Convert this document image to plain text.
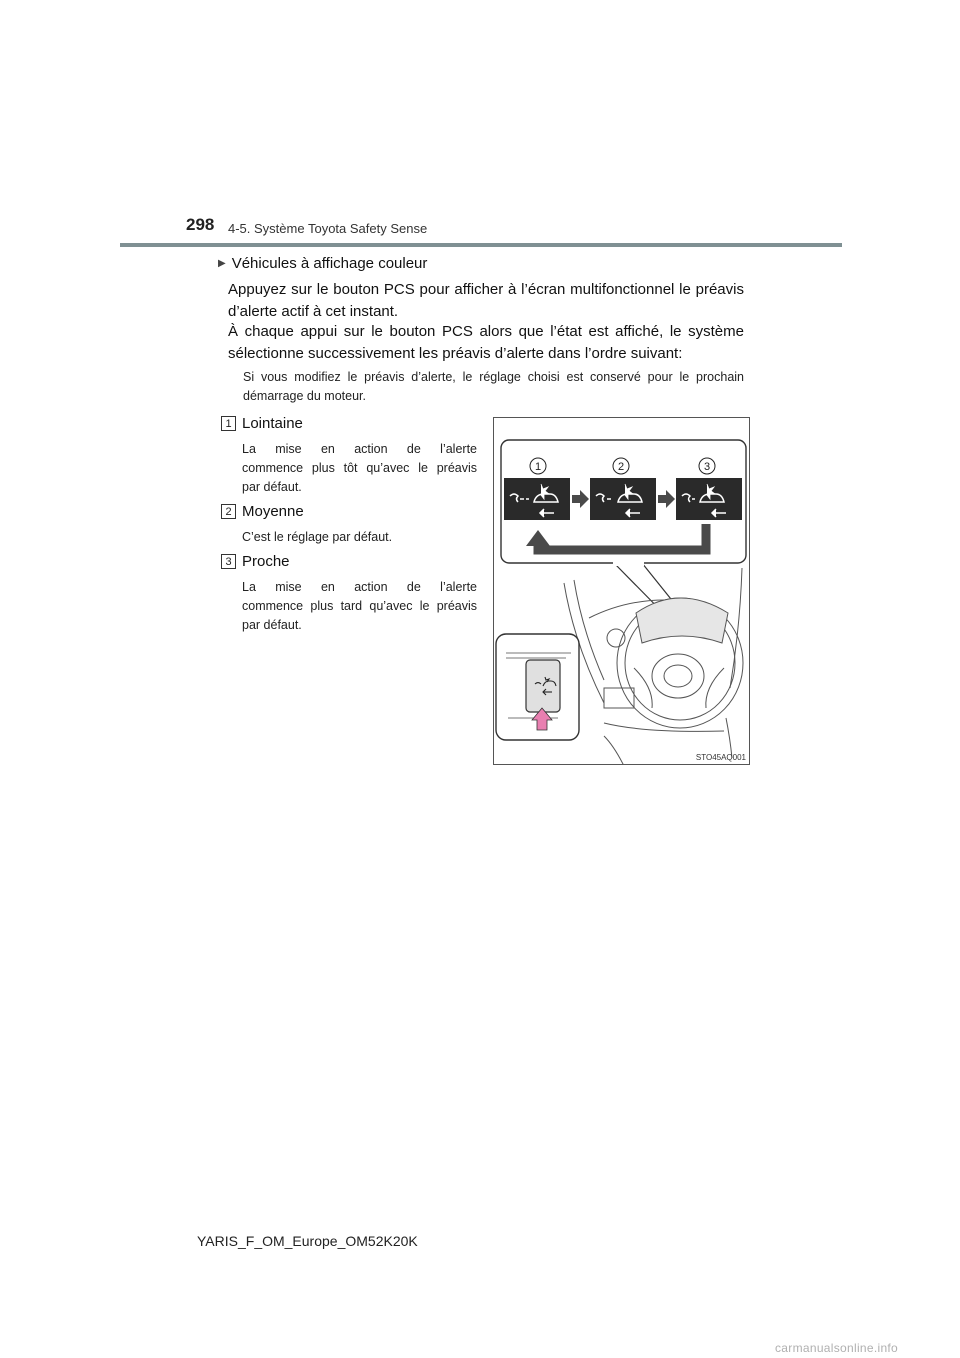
298 4-5. Système Toyota Safety Sense
▶ Véhicules à affichage couleur
Appuyez sur le bouton PCS pour afficher à l’écran multifonctionnel le préavis
d’alerte actif à cet instant.
À chaque appui sur le bouton PCS alors que l’état est affiché, le système
sélectionne successivement les préavis d’alerte dans l’ordre suivant:
Si vous modifiez le préavis d’alerte, le réglage choisi est conservé pour le prochain
démarrage du moteur.
1 Lointaine
La mise en action de l’alerte
commence plus tôt qu’avec le préavis
par défaut.
2 Moyenne
C’est le réglage par défaut.
3 Proche
La mise en action de l’alerte
commence plus tard qu’avec le préavis
par défaut.
1	2	3
STO45AQ001
YARIS_F_OM_Europe_OM52K20K
carmanualsonline.info
